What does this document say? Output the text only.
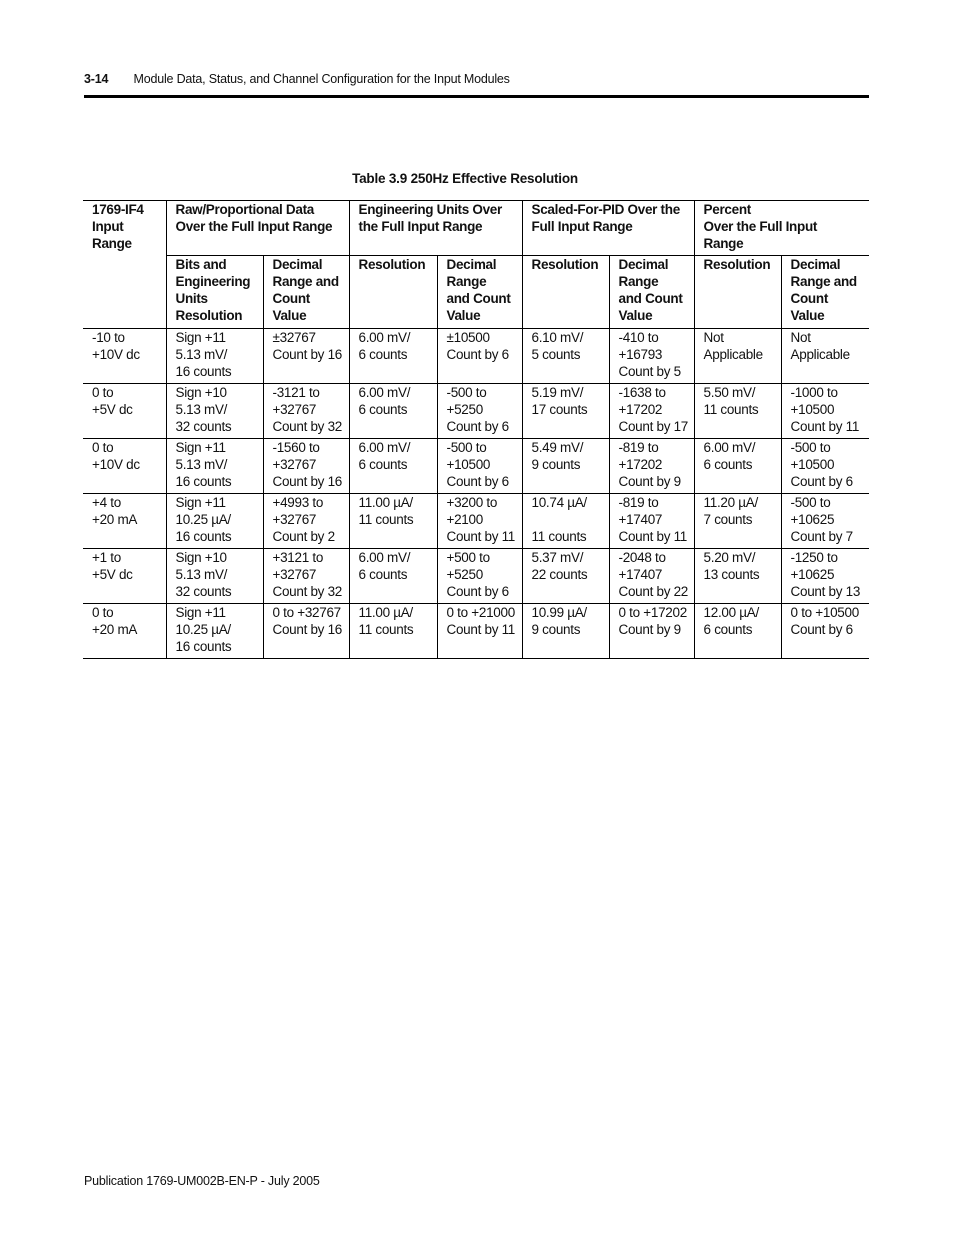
3-14 Module Data, Status, and Channel Configuration for the Input Modules
Table 3.9 250Hz Effective Resolution
1769-IF4
Input
Range	Raw/Proportional Data
Over the Full Input Range		Engineering Units Over
the Full Input Range		Scaled-For-PID Over the
Full Input Range		Percent
Over the Full Input
Range	

	Bits and
Engineering
Units
Resolution	Decimal
Range and
Count
Value	Resolution	Decimal
Range
and Count
Value	Resolution	Decimal
Range
and Count
Value	Resolution	Decimal
Range and
Count
Value

-10 to
+10V dc	Sign +11
5.13 mV/
16 counts	±32767
Count by 16	6.00 mV/
6 counts	±10500
Count by 6	6.10 mV/
5 counts	-410 to
+16793
Count by 5	Not
Applicable	Not
Applicable

0 to
+5V dc	Sign +10
5.13 mV/
32 counts	-3121 to
+32767
Count by 32	6.00 mV/
6 counts	-500 to
+5250
Count by 6	5.19 mV/
17 counts	-1638 to
+17202
Count by 17	5.50 mV/
11 counts	-1000 to
+10500
Count by 11

0 to
+10V dc	Sign +11
5.13 mV/
16 counts	-1560 to
+32767
Count by 16	6.00 mV/
6 counts	-500 to
+10500
Count by 6	5.49 mV/
9 counts	-819 to
+17202
Count by 9	6.00 mV/
6 counts	-500 to
+10500
Count by 6

+4 to
+20 mA	Sign +11
10.25 µA/
16 counts	+4993 to
+32767
Count by 2	11.00 µA/
11 counts	+3200 to
+2100
Count by 11	10.74 µA/

11 counts	-819 to
+17407
Count by 11	11.20 µA/
7 counts	-500 to
+10625
Count by 7

+1 to
+5V dc	Sign +10
5.13 mV/
32 counts	+3121 to
+32767
Count by 32	6.00 mV/
6 counts	+500 to
+5250
Count by 6	5.37 mV/
22 counts	-2048 to
+17407
Count by 22	5.20 mV/
13 counts	-1250 to
+10625
Count by 13

0 to
+20 mA	Sign +11
10.25 µA/
16 counts	0 to +32767
Count by 16	11.00 µA/
11 counts	0 to +21000
Count by 11	10.99 µA/
9 counts	0 to +17202
Count by 9	12.00 µA/
6 counts	0 to +10500
Count by 6
Publication 1769-UM002B-EN-P - July 2005
